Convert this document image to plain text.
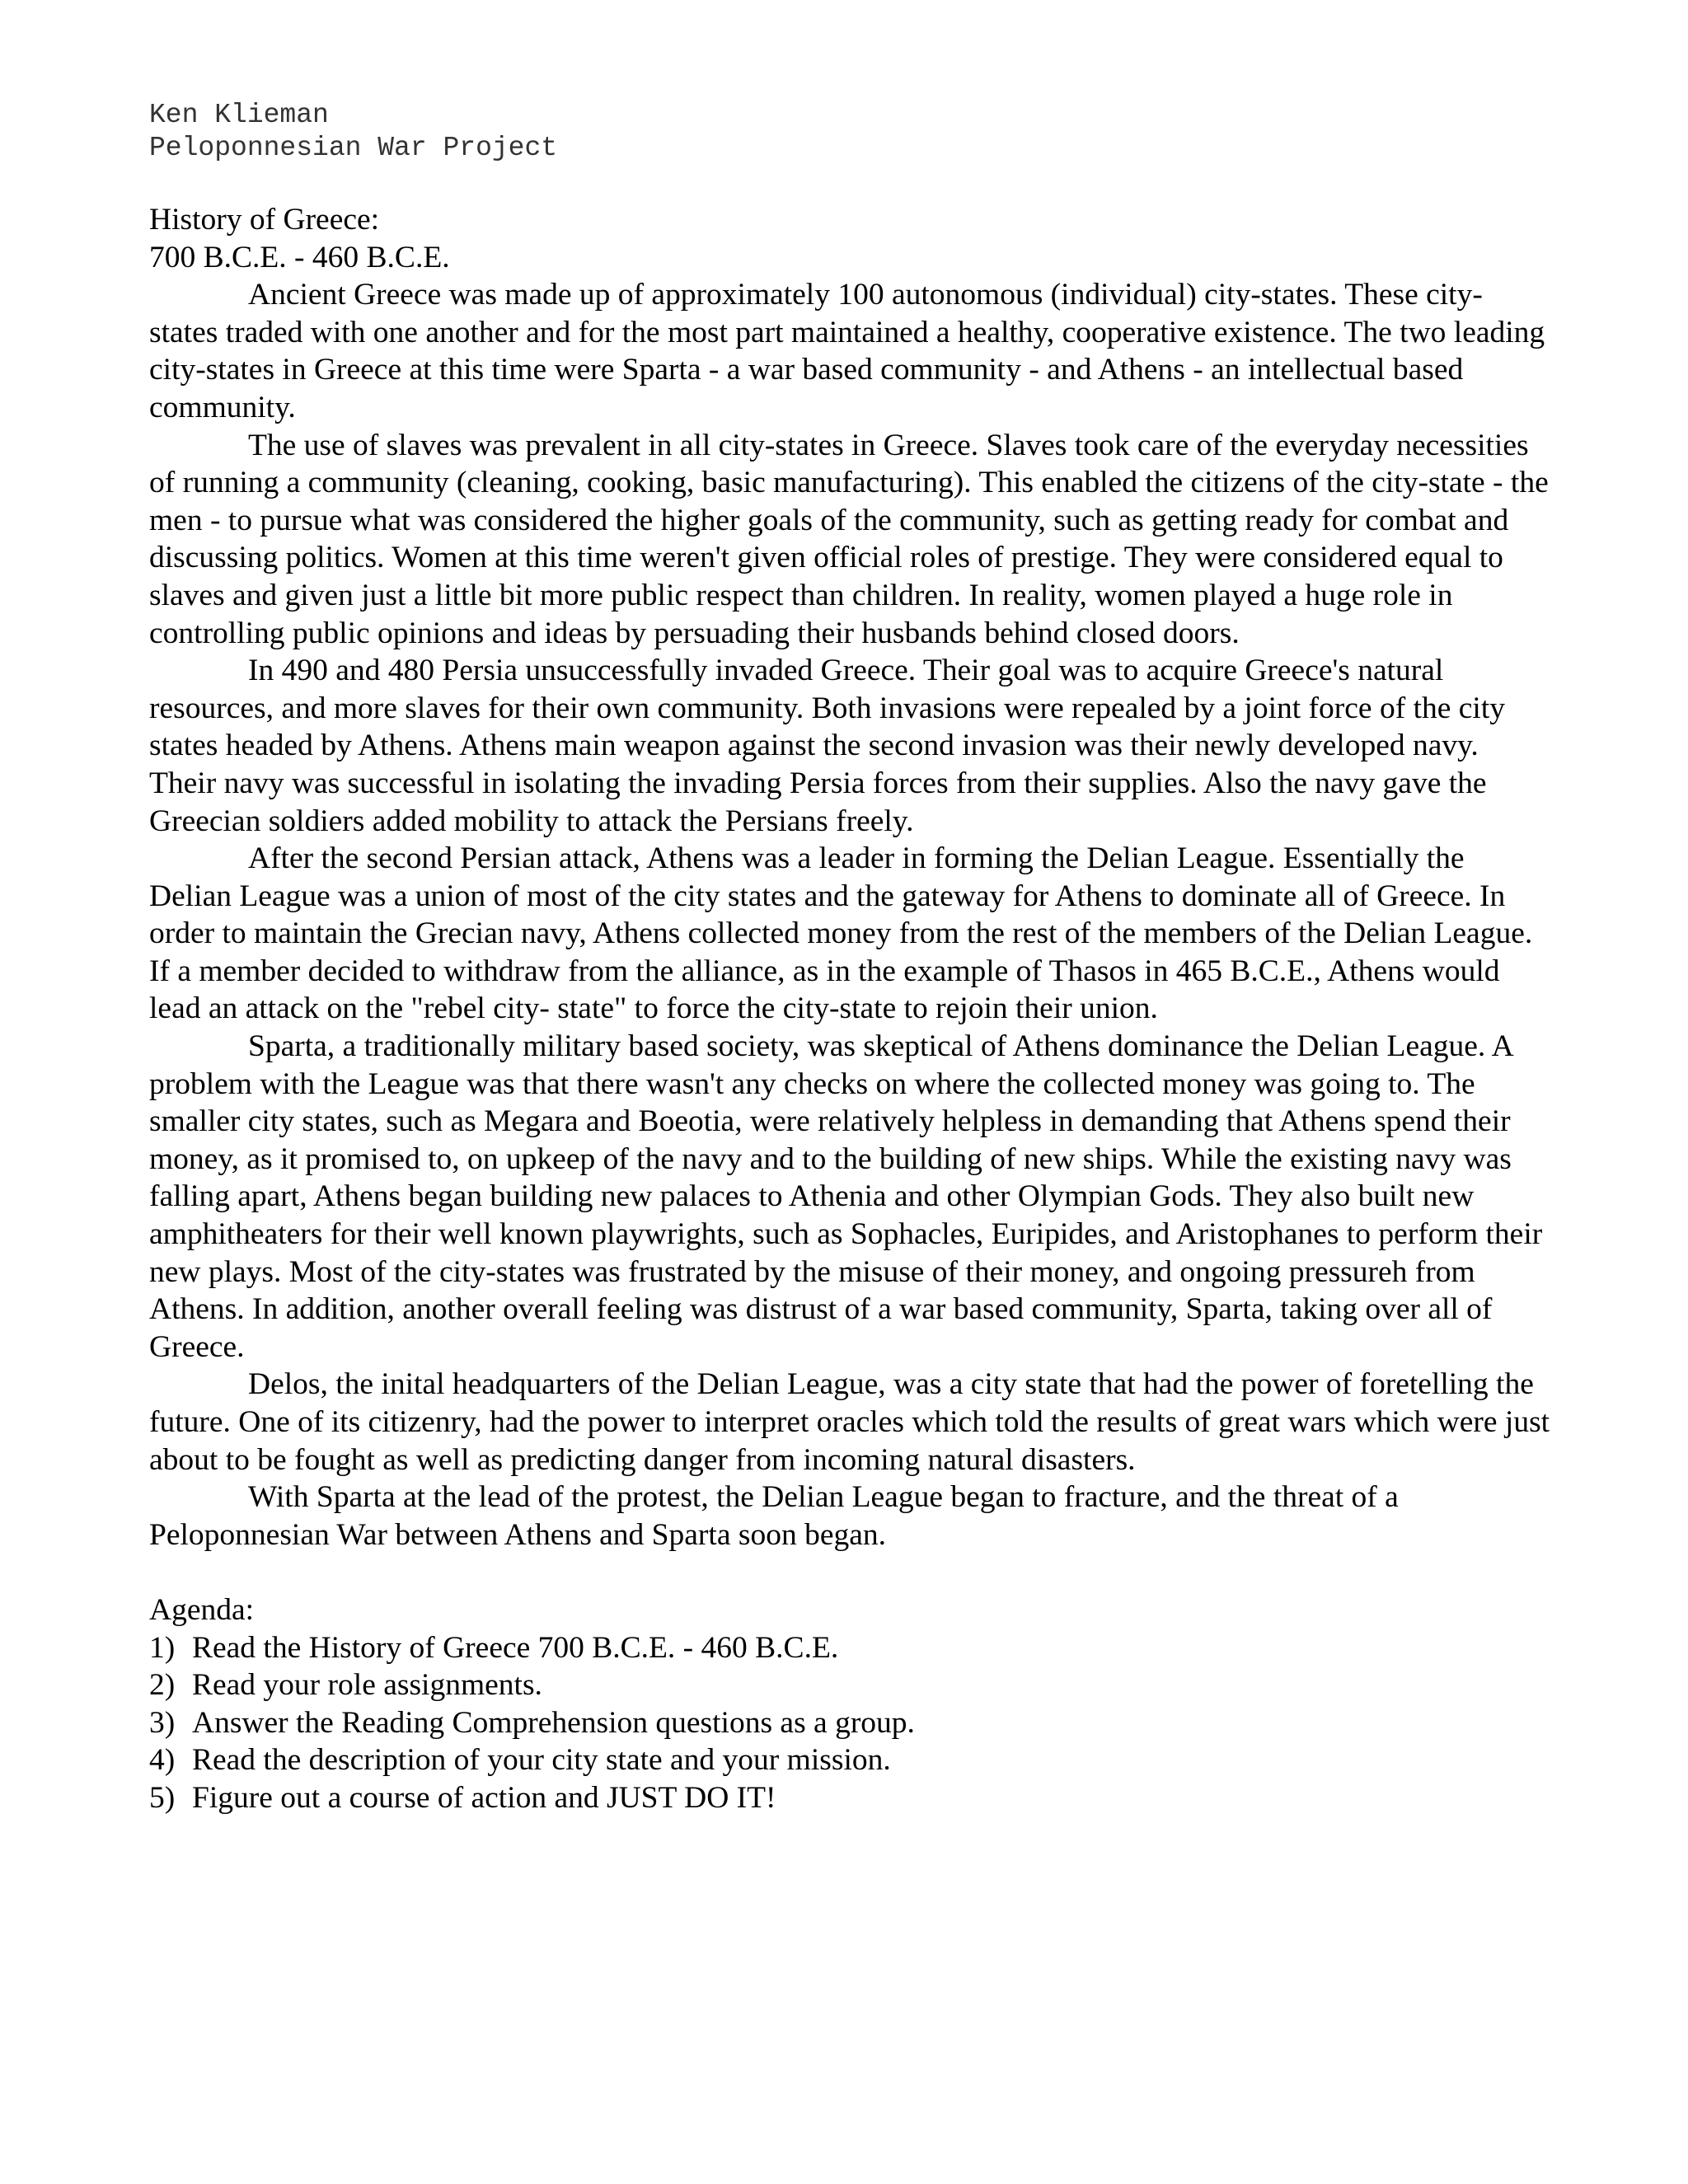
Ken Klieman
Peloponnesian War Project

History of Greece:

700 B.C.E. - 460 B.C.E.

Ancient Greece was made up of approximately 100 autonomous (individual) city-states. These city-states traded with one another and for the most part maintained a healthy, cooperative existence. The two leading city-states in Greece at this time were Sparta - a war based community - and Athens - an intellectual based community.

The use of slaves was prevalent in all city-states in Greece. Slaves took care of the everyday necessities of running a community (cleaning, cooking, basic manufacturing). This enabled the citizens of the city-state - the men - to pursue what was considered the higher goals of the community, such as getting ready for combat and discussing politics. Women at this time weren't given official roles of prestige. They were considered equal to slaves and given just a little bit more public respect than children. In reality, women played a huge role in controlling public opinions and ideas by persuading their husbands behind closed doors.

In 490 and 480 Persia unsuccessfully invaded Greece. Their goal was to acquire Greece's natural resources, and more slaves for their own community. Both invasions were repealed by a joint force of the city states headed by Athens. Athens main weapon against the second invasion was their newly developed navy. Their navy was successful in isolating the invading Persia forces from their supplies. Also the navy gave the Greecian soldiers added mobility to attack the Persians freely.

After the second Persian attack, Athens was a leader in forming the Delian League. Essentially the Delian League was a union of most of the city states and the gateway for Athens to dominate all of Greece. In order to maintain the Grecian navy, Athens collected money from the rest of the members of the Delian League. If a member decided to withdraw from the alliance, as in the example of Thasos in 465 B.C.E., Athens would lead an attack on the "rebel city- state" to force the city-state to rejoin their union.

Sparta, a traditionally military based society, was skeptical of Athens dominance the Delian League. A problem with the League was that there wasn't any checks on where the collected money was going to. The smaller city states, such as Megara and Boeotia, were relatively helpless in demanding that Athens spend their money, as it promised to, on upkeep of the navy and to the building of new ships. While the existing navy was falling apart, Athens began building new palaces to Athenia and other Olympian Gods. They also built new amphitheaters for their well known playwrights, such as Sophacles, Euripides, and Aristophanes to perform their new plays. Most of the city-states was frustrated by the misuse of their money, and ongoing pressureh from Athens. In addition, another overall feeling was distrust of a war based community, Sparta, taking over all of Greece.

Delos, the inital headquarters of the Delian League, was a city state that had the power of foretelling the future. One of its citizenry, had the power to interpret oracles which told the results of great wars which were just about to be fought as well as predicting danger from incoming natural disasters.

With Sparta at the lead of the protest, the Delian League began to fracture, and the threat of a Peloponnesian War between Athens and Sparta soon began.

Agenda:

1) Read the History of Greece 700 B.C.E. - 460 B.C.E.
2) Read your role assignments.
3) Answer the Reading Comprehension questions as a group.
4) Read the description of your city state and your mission.
5) Figure out a course of action and JUST DO IT!
